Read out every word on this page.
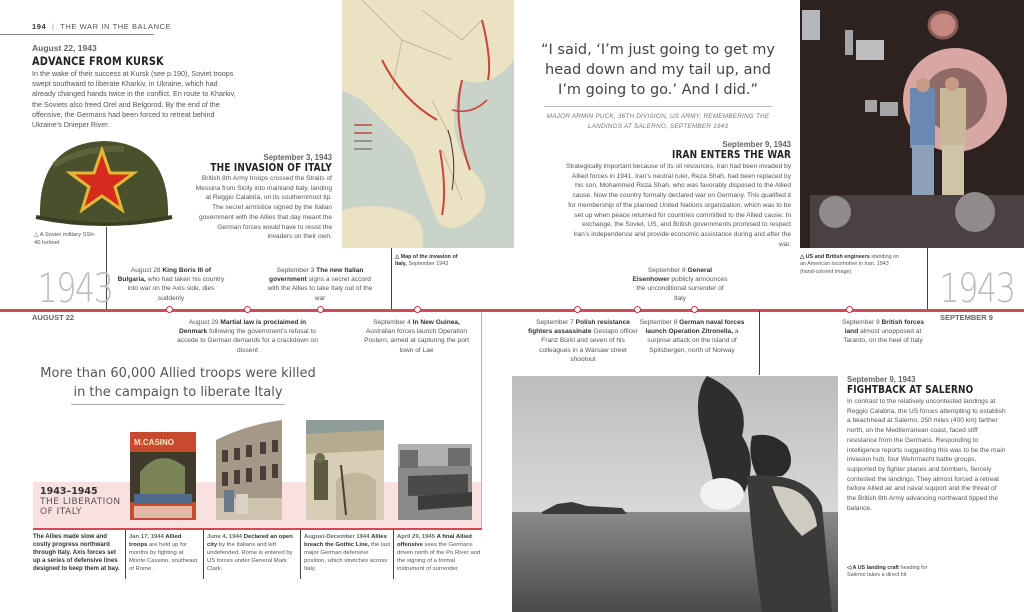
194 | THE WAR IN THE BALANCE
August 22, 1943
ADVANCE FROM KURSK
In the wake of their success at Kursk (see p.190), Soviet troops swept southward to liberate Kharkiv, in Ukraine, which had already changed hands twice in the conflict. En route to Kharkiv, the Soviets also freed Orel and Belgorod. By the end of the offensive, the Germans had been forced to retreat behind Ukraine's Dnieper River.
△ A Soviet military SSh-40 helmet
September 3, 1943
THE INVASION OF ITALY
British 8th Army troops crossed the Straits of Messina from Sicily into mainland Italy, landing at Reggio Calabria, on its southernmost tip. The secret armistice signed by the Italian government with the Allies that day meant the German forces would have to resist the invaders on their own.
△ Map of the invasion of Italy, September 1943
“I said, ‘I’m just going to get my head down and my tail up, and I’m going to go.’ And I did.”
MAJOR ARMIN PUCK, 36TH DIVISION, US ARMY, REMEMBERING THE LANDINGS AT SALERNO, SEPTEMBER 1943
September 9, 1943
IRAN ENTERS THE WAR
Strategically important because of its oil resources, Iran had been invaded by Allied forces in 1941. Iran’s neutral ruler, Reza Shah, had been replaced by his son, Mohammed Reza Shah, who was favorably disposed to the Allied cause. Now the country formally declared war on Germany. This qualified it for membership of the planned United Nations organization, which was to be set up when peace returned for countries committed to the Allied cause. In exchange, the Soviet, US, and British governments promised to respect Iran’s independence and provide economic assistance during and after the war.
△ US and British engineers standing on an American locomotive in Iran, 1943 (hand-colored image)
1943
AUGUST 22
1943
SEPTEMBER 9
August 28 King Boris III of Bulgaria, who had taken his country into war on the Axis side, dies suddenly
September 3 The new Italian government signs a secret accord with the Allies to take Italy out of the war
September 8 General Eisenhower publicly announces the unconditional surrender of Italy
August 29 Martial law is proclaimed in Denmark following the government’s refusal to accede to German demands for a crackdown on dissent
September 4 In New Guinea, Australian forces launch Operation Postern, aimed at capturing the port town of Lae
September 7 Polish resistance fighters assassinate Gestapo officer Franz Bürkl and seven of his colleagues in a Warsaw street shootout
September 8 German naval forces launch Operation Zitronella, a surprise attack on the island of Spitsbergen, north of Norway
September 9 British forces land almost unopposed at Taranto, on the heel of Italy
More than 60,000 Allied troops were killed
in the campaign to liberate Italy
1943–1945
THE LIBERATION
OF ITALY
M.CASINO
The Allies made slow and costly progress northward through Italy. Axis forces set up a series of defensive lines designed to keep them at bay.
Jan 17, 1944 Allied troops are held up for months by fighting at Monte Cassino, southeast of Rome.
June 4, 1944 Declared an open city by the Italians and left undefended, Rome is entered by US forces under General Mark Clark.
August-December 1944 Allies breach the Gothic Line, the last major German defensive position, which stretches across Italy.
April 29, 1945 A final Allied offensive sees the Germans driven north of the Po River and the signing of a formal instrument of surrender.
September 9, 1943
FIGHTBACK AT SALERNO
In contrast to the relatively uncontested landings at Reggio Calabria, the US forces attempting to establish a beachhead at Salerno, 250 miles (400 km) farther north, on the Mediterranean coast, faced stiff resistance from the Germans. Responding to intelligence reports suggesting this was to be the main invasion hub, four Wehrmacht battle groups, supported by fighter planes and bombers, fiercely contested the landings. They almost forced a retreat before Allied air and naval support and the threat of the British 8th Army advancing northward tipped the balance.
◁ A US landing craft heading for Salerno takes a direct hit
